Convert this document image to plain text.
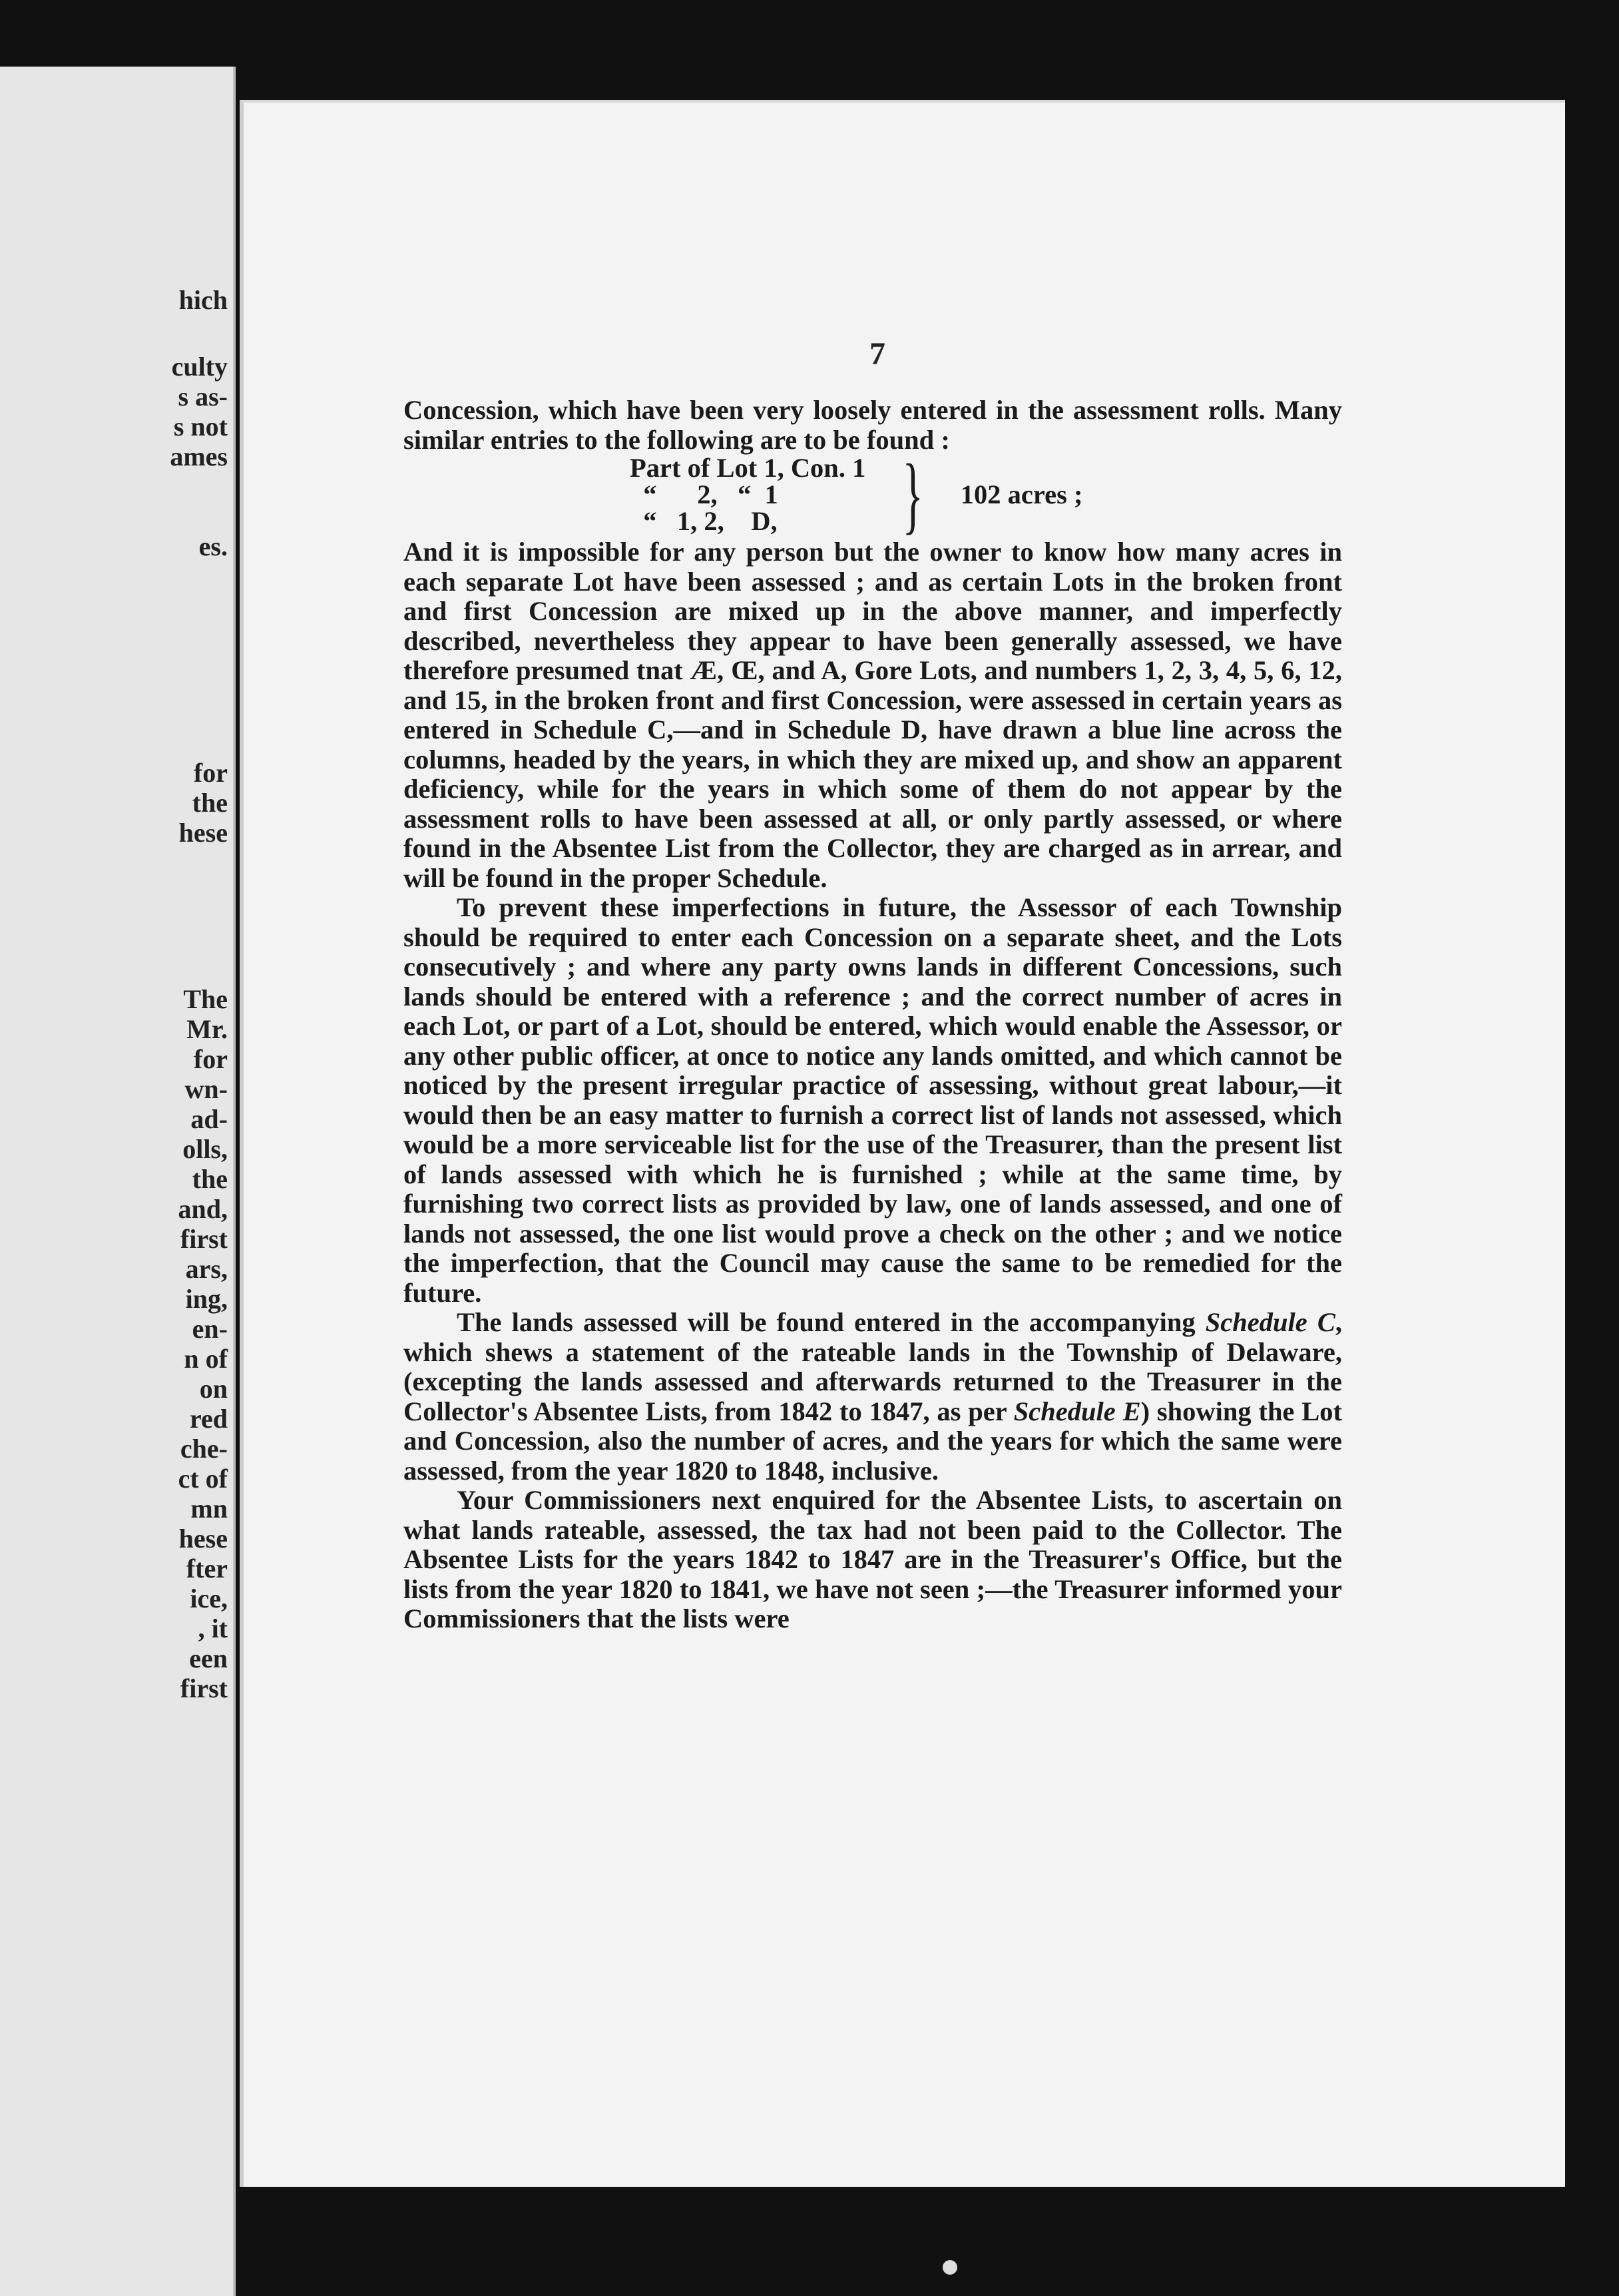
hich
culty
s as-
s not
ames
es.
for
the
hese
The
Mr.
for
wn-
ad-
olls,
the
and,
first
ars,
ing,
en-
n of
on
red
che-
ct of
mn
hese
fter
ice,
, it
een
first
7

Concession, which have been very loosely entered in the assessment rolls. Many similar entries to the following are to be found :

Part of Lot 1, Con. 1
“      2,   “  1
“   1, 2,    D,	} 102 acres ;

And it is impossible for any person but the owner to know how many acres in each separate Lot have been assessed ; and as certain Lots in the broken front and first Concession are mixed up in the above manner, and imperfectly described, nevertheless they appear to have been generally assessed, we have therefore presumed tnat Æ, Œ, and A, Gore Lots, and numbers 1, 2, 3, 4, 5, 6, 12, and 15, in the broken front and first Concession, were assessed in certain years as entered in Schedule C,—and in Schedule D, have drawn a blue line across the columns, headed by the years, in which they are mixed up, and show an apparent deficiency, while for the years in which some of them do not appear by the assessment rolls to have been assessed at all, or only partly assessed, or where found in the Absentee List from the Collector, they are charged as in arrear, and will be found in the proper Schedule.

To prevent these imperfections in future, the Assessor of each Township should be required to enter each Concession on a separate sheet, and the Lots consecutively ; and where any party owns lands in different Concessions, such lands should be entered with a reference ; and the correct number of acres in each Lot, or part of a Lot, should be entered, which would enable the Assessor, or any other public officer, at once to notice any lands omitted, and which cannot be noticed by the present irregular practice of assessing, without great labour,—it would then be an easy matter to furnish a correct list of lands not assessed, which would be a more serviceable list for the use of the Treasurer, than the present list of lands assessed with which he is furnished ; while at the same time, by furnishing two correct lists as provided by law, one of lands assessed, and one of lands not assessed, the one list would prove a check on the other ; and we notice the imperfection, that the Council may cause the same to be remedied for the future.

The lands assessed will be found entered in the accompanying Schedule C, which shews a statement of the rateable lands in the Township of Delaware, (excepting the lands assessed and afterwards returned to the Treasurer in the Collector's Absentee Lists, from 1842 to 1847, as per Schedule E) showing the Lot and Concession, also the number of acres, and the years for which the same were assessed, from the year 1820 to 1848, inclusive.

Your Commissioners next enquired for the Absentee Lists, to ascertain on what lands rateable, assessed, the tax had not been paid to the Collector. The Absentee Lists for the years 1842 to 1847 are in the Treasurer's Office, but the lists from the year 1820 to 1841, we have not seen ;—the Treasurer informed your Commissioners that the lists were
